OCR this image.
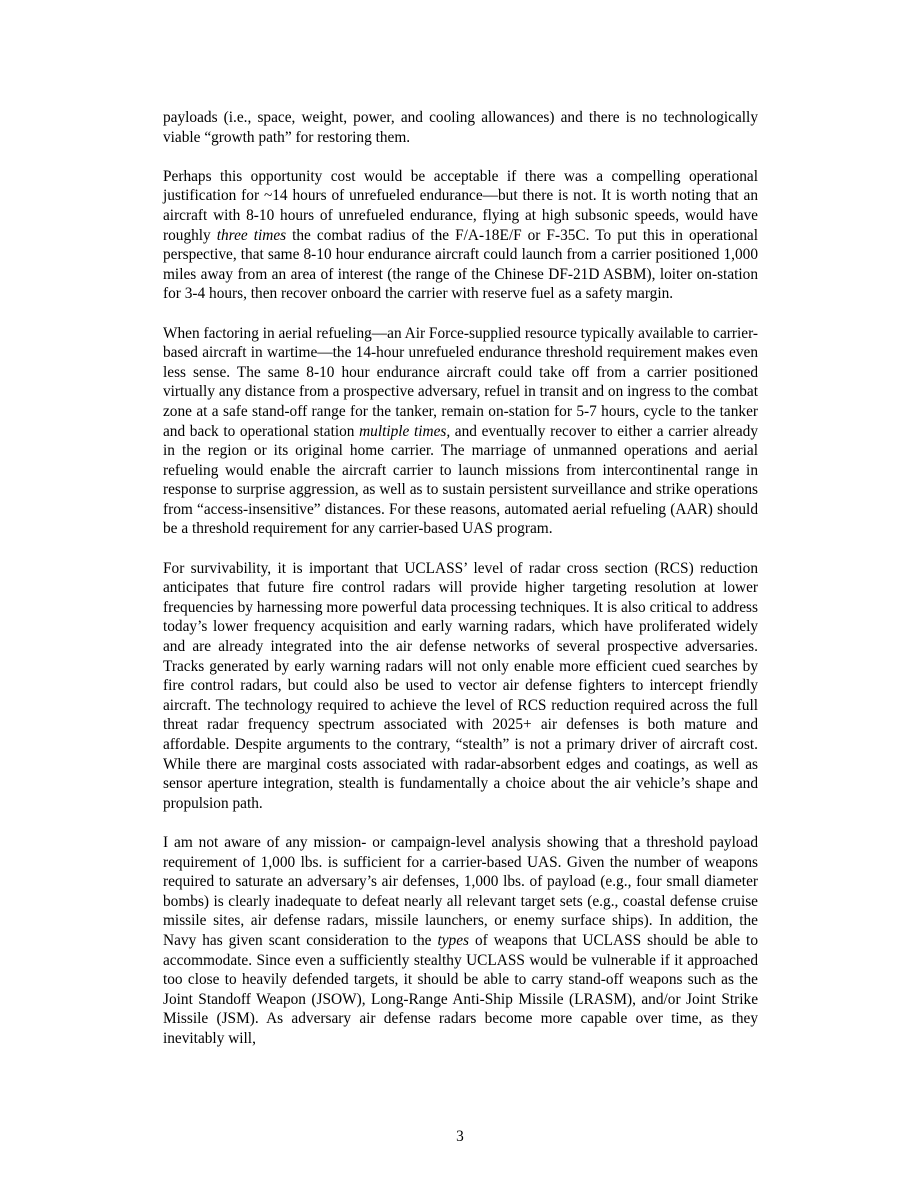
payloads (i.e., space, weight, power, and cooling allowances) and there is no technologically viable “growth path” for restoring them.

Perhaps this opportunity cost would be acceptable if there was a compelling operational justification for ~14 hours of unrefueled endurance—but there is not. It is worth noting that an aircraft with 8-10 hours of unrefueled endurance, flying at high subsonic speeds, would have roughly three times the combat radius of the F/A-18E/F or F-35C. To put this in operational perspective, that same 8-10 hour endurance aircraft could launch from a carrier positioned 1,000 miles away from an area of interest (the range of the Chinese DF-21D ASBM), loiter on-station for 3-4 hours, then recover onboard the carrier with reserve fuel as a safety margin.

When factoring in aerial refueling—an Air Force-supplied resource typically available to carrier-based aircraft in wartime—the 14-hour unrefueled endurance threshold requirement makes even less sense. The same 8-10 hour endurance aircraft could take off from a carrier positioned virtually any distance from a prospective adversary, refuel in transit and on ingress to the combat zone at a safe stand-off range for the tanker, remain on-station for 5-7 hours, cycle to the tanker and back to operational station multiple times, and eventually recover to either a carrier already in the region or its original home carrier. The marriage of unmanned operations and aerial refueling would enable the aircraft carrier to launch missions from intercontinental range in response to surprise aggression, as well as to sustain persistent surveillance and strike operations from “access-insensitive” distances. For these reasons, automated aerial refueling (AAR) should be a threshold requirement for any carrier-based UAS program.

For survivability, it is important that UCLASS’ level of radar cross section (RCS) reduction anticipates that future fire control radars will provide higher targeting resolution at lower frequencies by harnessing more powerful data processing techniques. It is also critical to address today’s lower frequency acquisition and early warning radars, which have proliferated widely and are already integrated into the air defense networks of several prospective adversaries. Tracks generated by early warning radars will not only enable more efficient cued searches by fire control radars, but could also be used to vector air defense fighters to intercept friendly aircraft. The technology required to achieve the level of RCS reduction required across the full threat radar frequency spectrum associated with 2025+ air defenses is both mature and affordable. Despite arguments to the contrary, “stealth” is not a primary driver of aircraft cost. While there are marginal costs associated with radar-absorbent edges and coatings, as well as sensor aperture integration, stealth is fundamentally a choice about the air vehicle’s shape and propulsion path.

I am not aware of any mission- or campaign-level analysis showing that a threshold payload requirement of 1,000 lbs. is sufficient for a carrier-based UAS. Given the number of weapons required to saturate an adversary’s air defenses, 1,000 lbs. of payload (e.g., four small diameter bombs) is clearly inadequate to defeat nearly all relevant target sets (e.g., coastal defense cruise missile sites, air defense radars, missile launchers, or enemy surface ships). In addition, the Navy has given scant consideration to the types of weapons that UCLASS should be able to accommodate. Since even a sufficiently stealthy UCLASS would be vulnerable if it approached too close to heavily defended targets, it should be able to carry stand-off weapons such as the Joint Standoff Weapon (JSOW), Long-Range Anti-Ship Missile (LRASM), and/or Joint Strike Missile (JSM). As adversary air defense radars become more capable over time, as they inevitably will,

3
